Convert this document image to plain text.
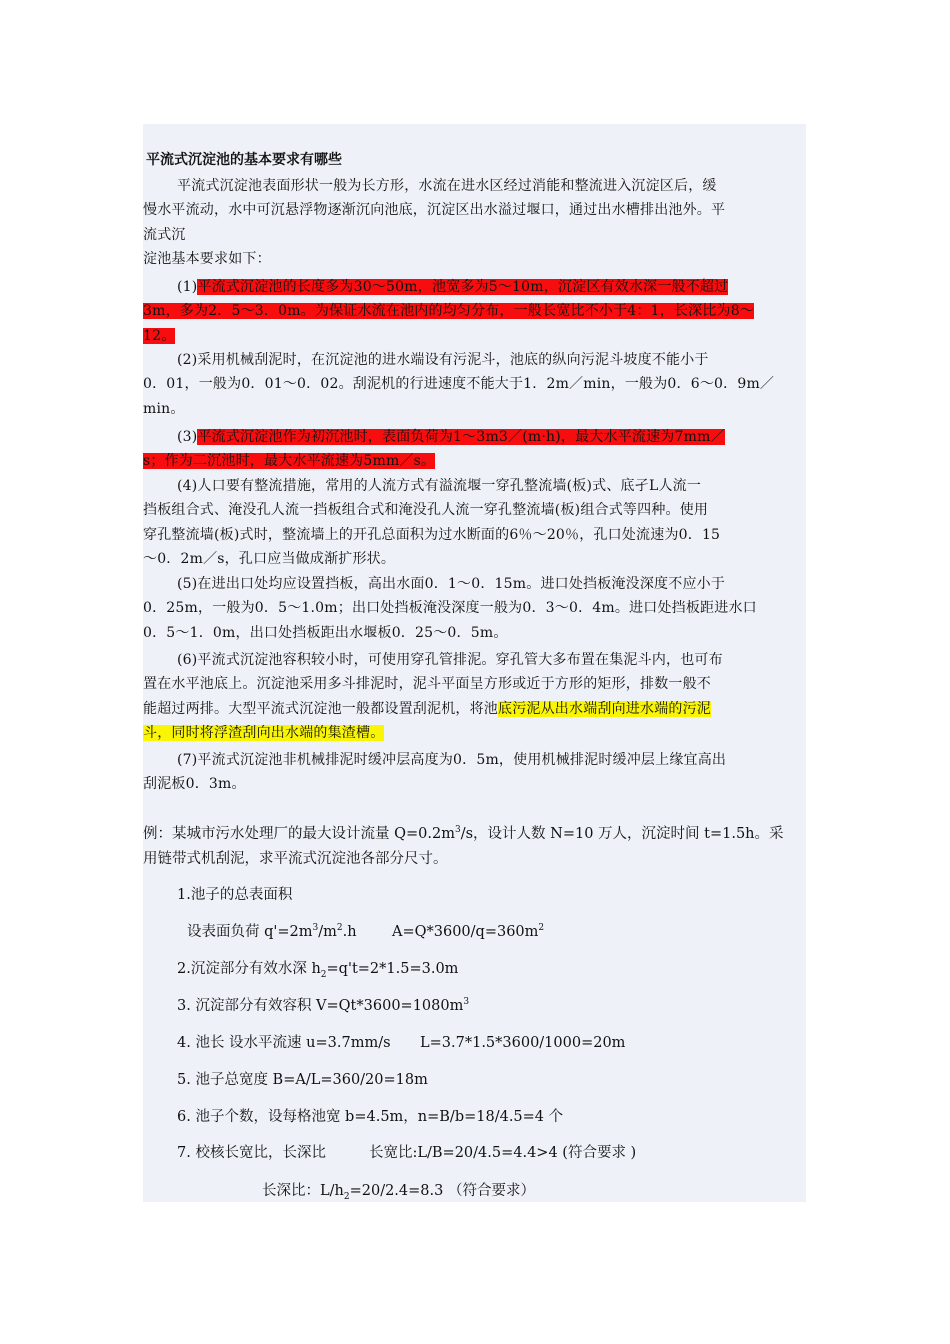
平流式沉淀池的基本要求有哪些
平流式沉淀池表面形状一般为长方形，水流在进水区经过消能和整流进入沉淀区后，缓
慢水平流动，水中可沉悬浮物逐渐沉向池底，沉淀区出水溢过堰口，通过出水槽排出池外。平
流式沉
淀池基本要求如下：
(1)平流式沉淀池的长度多为30～50m，池宽多为5～10m，沉淀区有效水深一般不超过
3m，多为2．5～3．0m。为保证水流在池内的均匀分布，一般长宽比不小于4：1，长深比为8～
12。
(2)采用机械刮泥时，在沉淀池的进水端设有污泥斗，池底的纵向污泥斗坡度不能小于
0．01，一般为0．01～0．02。刮泥机的行进速度不能大于1．2m／min，一般为0．6～0．9m／
min。
(3)平流式沉淀池作为初沉池时，表面负荷为1～3m3／(m·h)，最大水平流速为7mm／
s；作为二沉池时，最大水平流速为5mm／s。
(4)人口要有整流措施，常用的人流方式有溢流堰一穿孔整流墙(板)式、底孑L人流一
挡板组合式、淹没孔人流一挡板组合式和淹没孔人流一穿孔整流墙(板)组合式等四种。使用
穿孔整流墙(板)式时，整流墙上的开孔总面积为过水断面的6％～20％，孔口处流速为0．15
～0．2m／s，孔口应当做成渐扩形状。
(5)在进出口处均应设置挡板，高出水面0．1～0．15m。进口处挡板淹没深度不应小于
0．25m，一般为0．5～1.0m；出口处挡板淹没深度一般为0．3～0．4m。进口处挡板距进水口
0．5～1．0m，出口处挡板距出水堰板0．25～0．5m。
(6)平流式沉淀池容积较小时，可使用穿孔管排泥。穿孔管大多布置在集泥斗内，也可布
置在水平池底上。沉淀池采用多斗排泥时，泥斗平面呈方形或近于方形的矩形，排数一般不
能超过两排。大型平流式沉淀池一般都设置刮泥机，将池底污泥从出水端刮向进水端的污泥
斗，同时将浮渣刮向出水端的集渣槽。
(7)平流式沉淀池非机械排泥时缓冲层高度为0．5m，使用机械排泥时缓冲层上缘宜高出
刮泥板0．3m。
例：某城市污水处理厂的最大设计流量 $Q=0.2m^3/s$，设计人数 N=10 万人，沉淀时间 t=1.5h。采
用链带式机刮泥，求平流式沉淀池各部分尺寸。
1.池子的总表面积
设表面负荷 $q'=2m^3/m^2.h$ $A=Q*3600/q=360m^2$
2.沉淀部分有效水深 $h_2=q't=2*1.5=3.0m$
3. 沉淀部分有效容积 $V=Qt*3600=1080m^3$
4. 池长 设水平流速 u=3.7mm/s L=3.7*1.5*3600/1000=20m
5. 池子总宽度 B=A/L=360/20=18m
6. 池子个数，设每格池宽 b=4.5m，n=B/b=18/4.5=4 个
7. 校核长宽比，长深比	长宽比:L/B=20/4.5=4.4>4 (符合要求 )
长深比：$L/h_2=20/2.4=8.3$ （符合要求）
